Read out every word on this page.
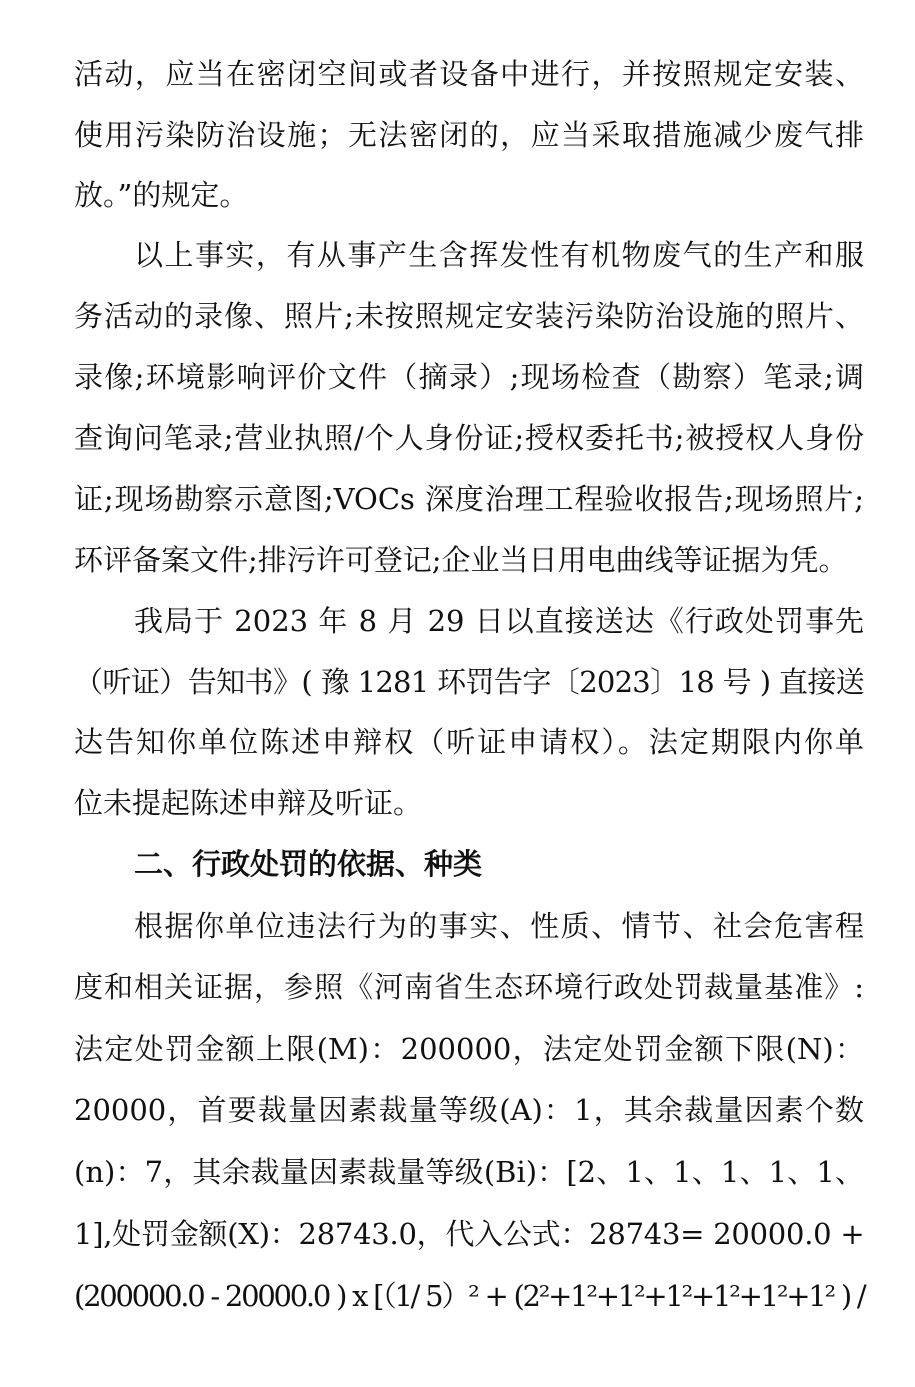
活动，应当在密闭空间或者设备中进行，并按照规定安装、
使用污染防治设施；无法密闭的，应当采取措施减少废气排
放。”的规定。
以上事实，有从事产生含挥发性有机物废气的生产和服
务活动的录像、照片;未按照规定安装污染防治设施的照片、
录像;环境影响评价文件（摘录）;现场检查（勘察）笔录;调
查询问笔录;营业执照/个人身份证;授权委托书;被授权人身份
证;现场勘察示意图;VOCs 深度治理工程验收报告;现场照片;
环评备案文件;排污许可登记;企业当日用电曲线等证据为凭。
我局于 2023 年 8 月 29 日以直接送达《行政处罚事先
（听证）告知书》( 豫 1281 环罚告字〔2023〕18 号 ) 直接送
达告知你单位陈述申辩权（听证申请权）。法定期限内你单
位未提起陈述申辩及听证。
二、行政处罚的依据、种类
根据你单位违法行为的事实、性质、情节、社会危害程
度和相关证据，参照《河南省生态环境行政处罚裁量基准》:
法定处罚金额上限(M)：200000，法定处罚金额下限(N)：
20000，首要裁量因素裁量等级(A)：1，其余裁量因素个数
(n)：7，其余裁量因素裁量等级(Bi)：[2、1、1、1、1、1、
1],处罚金额(X)：28743.0，代入公式：28743= 20000.0 +
(200000.0 - 20000.0 ) x [（1/ 5）² + (2²+1²+1²+1²+1²+1²+1² ) /
